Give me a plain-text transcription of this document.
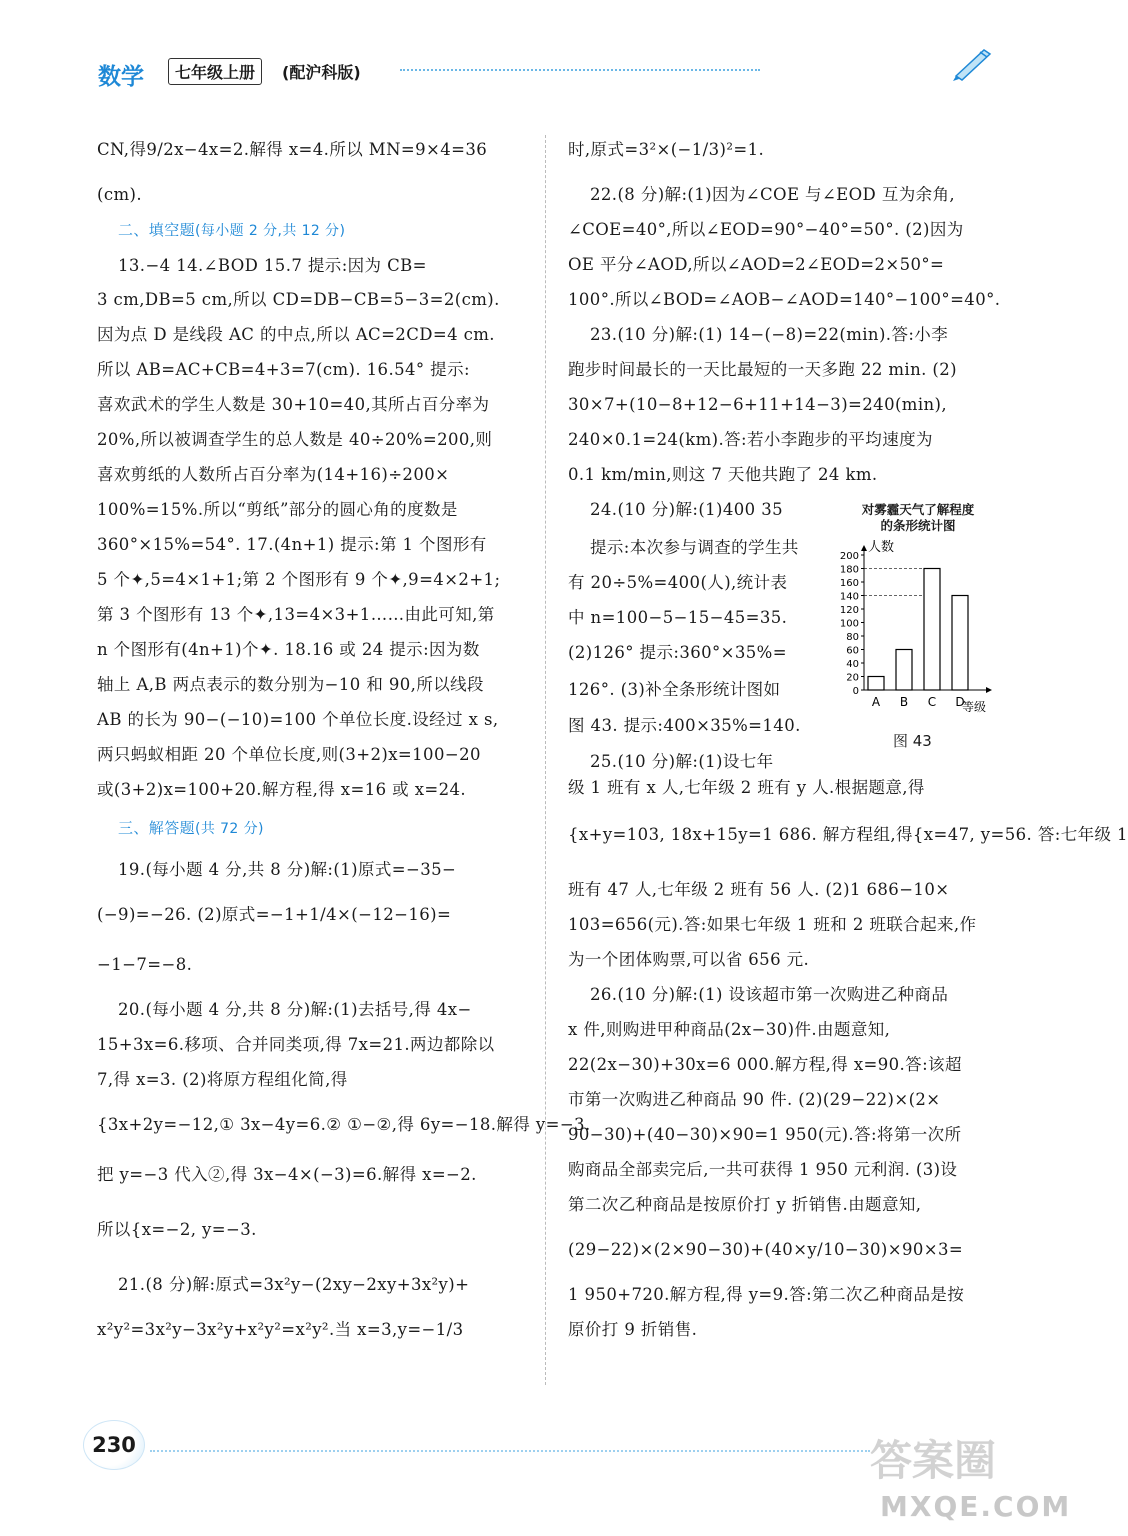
数学	七年级上册	(配沪科版)
CN,得9/2x−4x=2.解得 x=4.所以 MN=9×4=36
(cm).
二、填空题(每小题 2 分,共 12 分)
13.−4 14.∠BOD 15.7 提示:因为 CB=
3 cm,DB=5 cm,所以 CD=DB−CB=5−3=2(cm).
因为点 D 是线段 AC 的中点,所以 AC=2CD=4 cm.
所以 AB=AC+CB=4+3=7(cm). 16.54° 提示:
喜欢武术的学生人数是 30+10=40,其所占百分率为
20%,所以被调查学生的总人数是 40÷20%=200,则
喜欢剪纸的人数所占百分率为(14+16)÷200×
100%=15%.所以“剪纸”部分的圆心角的度数是
360°×15%=54°. 17.(4n+1) 提示:第 1 个图形有
5 个✦,5=4×1+1;第 2 个图形有 9 个✦,9=4×2+1;
第 3 个图形有 13 个✦,13=4×3+1……由此可知,第
n 个图形有(4n+1)个✦. 18.16 或 24 提示:因为数
轴上 A,B 两点表示的数分别为−10 和 90,所以线段
AB 的长为 90−(−10)=100 个单位长度.设经过 x s,
两只蚂蚁相距 20 个单位长度,则(3+2)x=100−20
或(3+2)x=100+20.解方程,得 x=16 或 x=24.
三、解答题(共 72 分)
19.(每小题 4 分,共 8 分)解:(1)原式=−35−
(−9)=−26. (2)原式=−1+1/4×(−12−16)=
−1−7=−8.
20.(每小题 4 分,共 8 分)解:(1)去括号,得 4x−
15+3x=6.移项、合并同类项,得 7x=21.两边都除以
7,得 x=3. (2)将原方程组化简,得
{3x+2y=−12,① 3x−4y=6.② ①−②,得 6y=−18.解得 y=−3.
把 y=−3 代入②,得 3x−4×(−3)=6.解得 x=−2.
所以{x=−2, y=−3.
21.(8 分)解:原式=3x²y−(2xy−2xy+3x²y)+
x²y²=3x²y−3x²y+x²y²=x²y².当 x=3,y=−1/3
时,原式=3²×(−1/3)²=1.
22.(8 分)解:(1)因为∠COE 与∠EOD 互为余角,
∠COE=40°,所以∠EOD=90°−40°=50°. (2)因为
OE 平分∠AOD,所以∠AOD=2∠EOD=2×50°=
100°.所以∠BOD=∠AOB−∠AOD=140°−100°=40°.
23.(10 分)解:(1) 14−(−8)=22(min).答:小李
跑步时间最长的一天比最短的一天多跑 22 min. (2)
30×7+(10−8+12−6+11+14−3)=240(min),
240×0.1=24(km).答:若小李跑步的平均速度为
0.1 km/min,则这 7 天他共跑了 24 km.
24.(10 分)解:(1)400 35
提示:本次参与调查的学生共
有 20÷5%=400(人),统计表
中 n=100−5−15−45=35.
(2)126° 提示:360°×35%=
126°. (3)补全条形统计图如
图 43. 提示:400×35%=140.
25.(10 分)解:(1)设七年
级 1 班有 x 人,七年级 2 班有 y 人.根据题意,得
{x+y=103, 18x+15y=1 686. 解方程组,得{x=47, y=56. 答:七年级 1
班有 47 人,七年级 2 班有 56 人. (2)1 686−10×
103=656(元).答:如果七年级 1 班和 2 班联合起来,作
为一个团体购票,可以省 656 元.
26.(10 分)解:(1) 设该超市第一次购进乙种商品
x 件,则购进甲种商品(2x−30)件.由题意知,
22(2x−30)+30x=6 000.解方程,得 x=90.答:该超
市第一次购进乙种商品 90 件. (2)(29−22)×(2×
90−30)+(40−30)×90=1 950(元).答:将第一次所
购商品全部卖完后,一共可获得 1 950 元利润. (3)设
第二次乙种商品是按原价打 y 折销售.由题意知,
(29−22)×(2×90−30)+(40×y/10−30)×90×3=
1 950+720.解方程,得 y=9.答:第二次乙种商品是按
原价打 9 折销售.
对雾霾天气了解程度
的条形统计图
0
20
40
60
80
100
120
140
160
180
200
A B C D
人数
等级
图 43
230	答案圈
MXQE.COM
